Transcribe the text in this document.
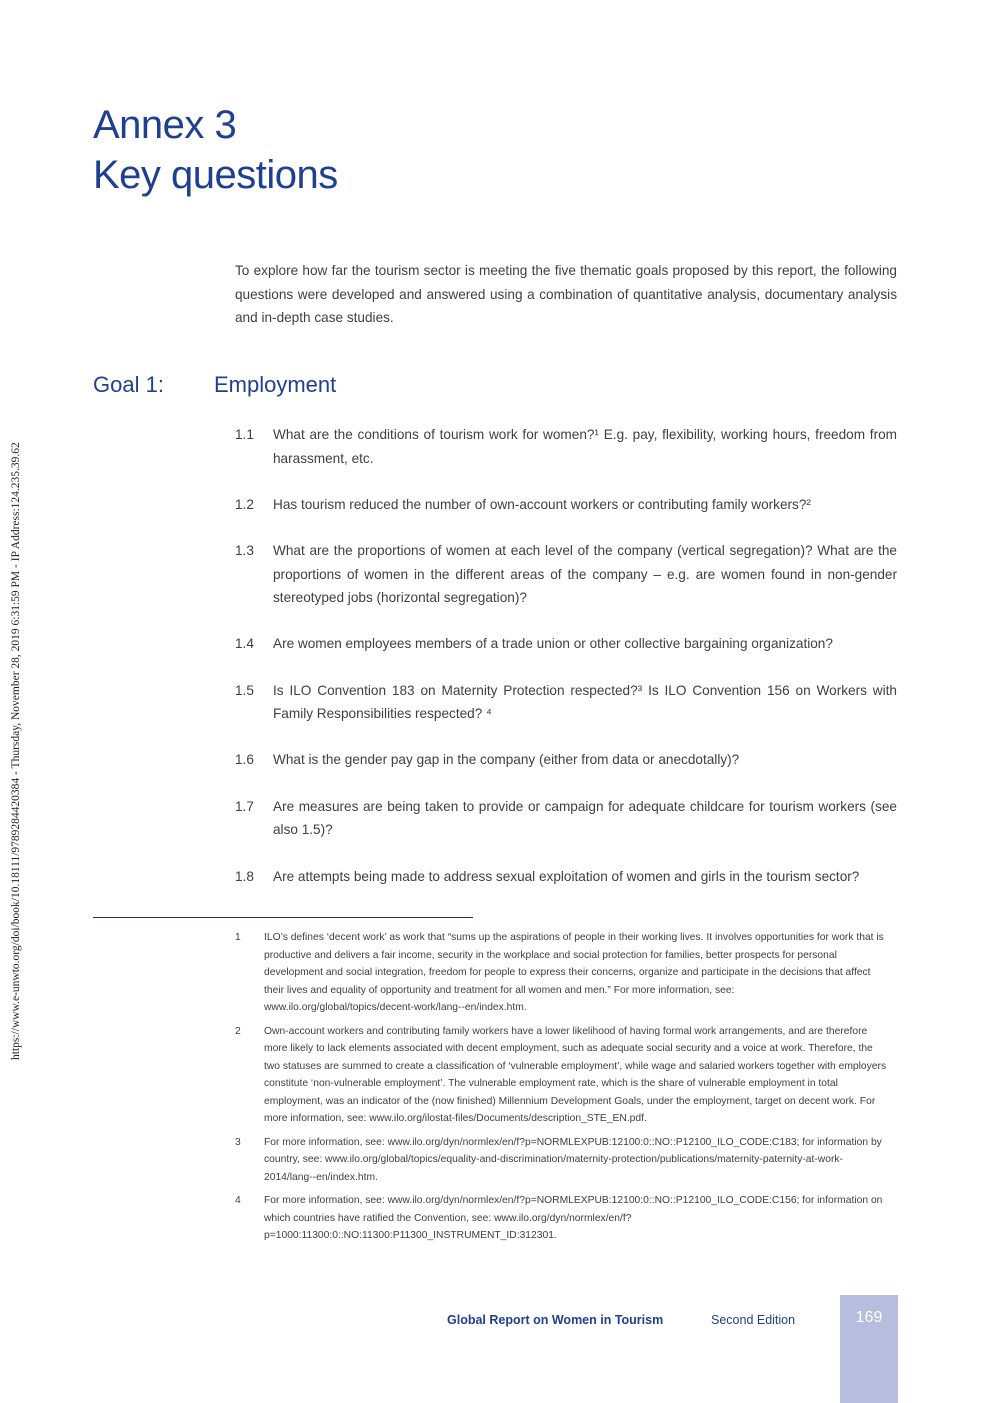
https://www.e-unwto.org/doi/book/10.18111/9789284420384 - Thursday, November 28, 2019 6:31:59 PM - IP Address:124.235.39.62
Annex 3
Key questions

To explore how far the tourism sector is meeting the five thematic goals proposed by this report, the following questions were developed and answered using a combination of quantitative analysis, documentary analysis and in-depth case studies.

Goal 1: Employment
1.1	What are the conditions of tourism work for women?¹ E.g. pay, flexibility, working hours, freedom from harassment, etc.
1.2	Has tourism reduced the number of own-account workers or contributing family workers?²
1.3	What are the proportions of women at each level of the company (vertical segregation)? What are the proportions of women in the different areas of the company – e.g. are women found in non-gender stereotyped jobs (horizontal segregation)?
1.4	Are women employees members of a trade union or other collective bargaining organization?
1.5	Is ILO Convention 183 on Maternity Protection respected?³ Is ILO Convention 156 on Workers with Family Responsibilities respected? ⁴
1.6	What is the gender pay gap in the company (either from data or anecdotally)?
1.7	Are measures are being taken to provide or campaign for adequate childcare for tourism workers (see also 1.5)?
1.8	Are attempts being made to address sexual exploitation of women and girls in the tourism sector?
1	ILO’s defines ‘decent work’ as work that “sums up the aspirations of people in their working lives. It involves opportunities for work that is productive and delivers a fair income, security in the workplace and social protection for families, better prospects for personal development and social integration, freedom for people to express their concerns, organize and participate in the decisions that affect their lives and equality of opportunity and treatment for all women and men.” For more information, see: www.ilo.org/global/topics/decent-work/lang--en/index.htm.
2	Own-account workers and contributing family workers have a lower likelihood of having formal work arrangements, and are therefore more likely to lack elements associated with decent employment, such as adequate social security and a voice at work. Therefore, the two statuses are summed to create a classification of ‘vulnerable employment’, while wage and salaried workers together with employers constitute ‘non-vulnerable employment’. The vulnerable employment rate, which is the share of vulnerable employment in total employment, was an indicator of the (now finished) Millennium Development Goals, under the employment, target on decent work. For more information, see: www.ilo.org/ilostat-files/Documents/description_STE_EN.pdf.
3	For more information, see: www.ilo.org/dyn/normlex/en/f?p=NORMLEXPUB:12100:0::NO::P12100_ILO_CODE:C183; for information by country, see: www.ilo.org/global/topics/equality-and-discrimination/maternity-protection/publications/maternity-paternity-at-work-2014/lang--en/index.htm.
4	For more information, see: www.ilo.org/dyn/normlex/en/f?p=NORMLEXPUB:12100:0::NO::P12100_ILO_CODE:C156; for information on which countries have ratified the Convention, see: www.ilo.org/dyn/normlex/en/f?p=1000:11300:0::NO:11300:P11300_INSTRUMENT_ID:312301.
Global Report on Women in Tourism	Second Edition	169
